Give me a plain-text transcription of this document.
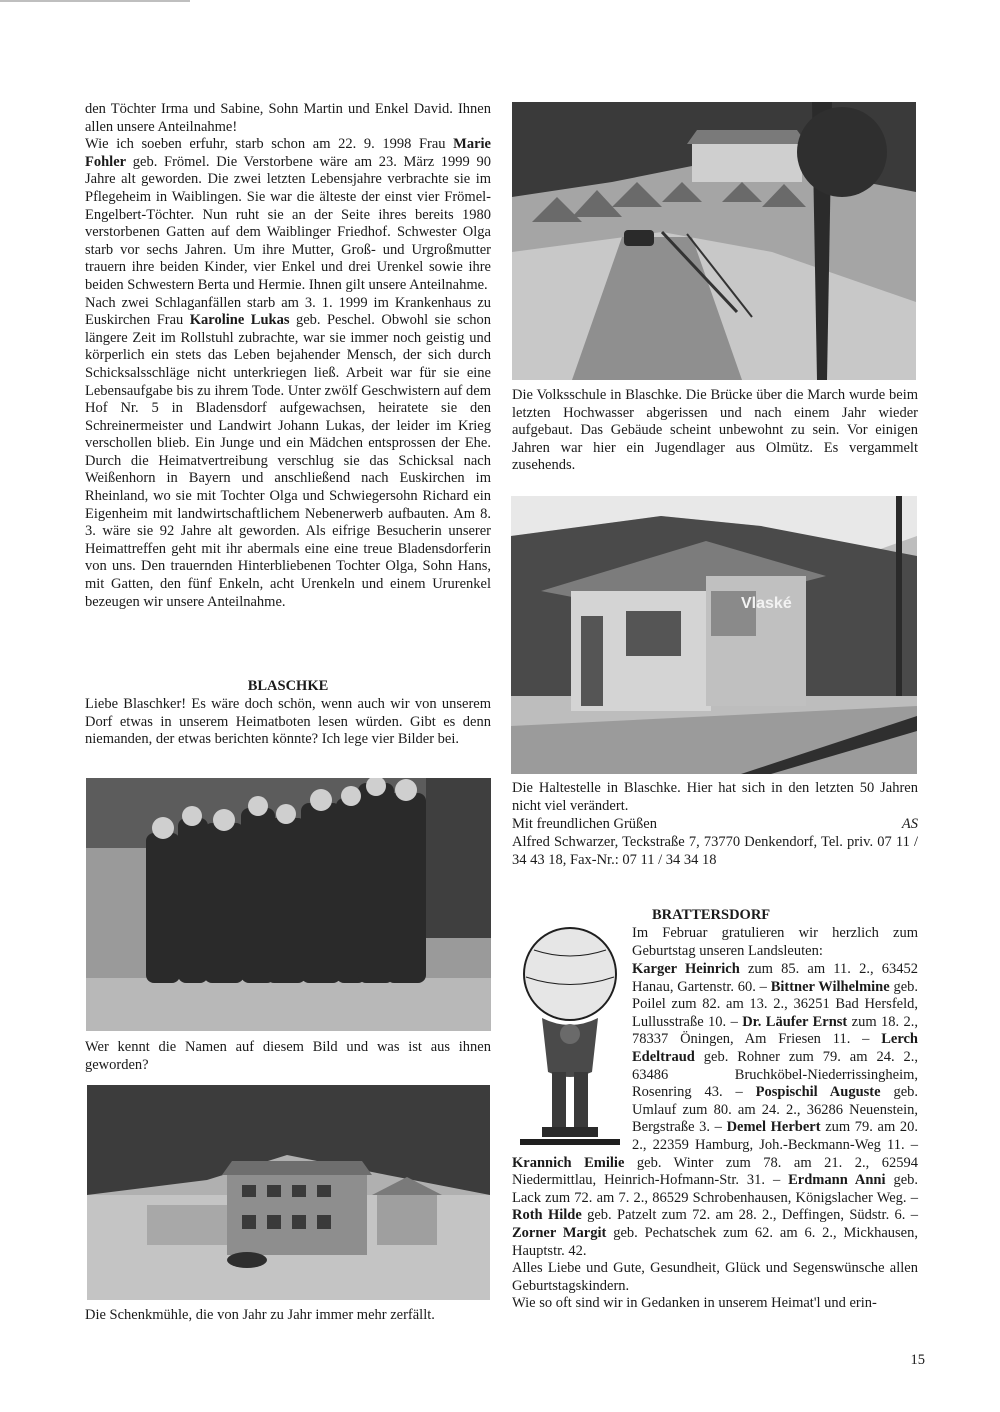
den Töchter Irma und Sabine, Sohn Martin und Enkel David. Ihnen allen unsere Anteilnahme!

Wie ich soeben erfuhr, starb schon am 22. 9. 1998 Frau Marie Fohler geb. Frömel. Die Verstorbene wäre am 23. März 1999 90 Jahre alt geworden. Die zwei letzten Lebensjahre verbrachte sie im Pflegeheim in Waiblingen. Sie war die älteste der einst vier Frömel-Engelbert-Töchter. Nun ruht sie an der Seite ihres bereits 1980 verstorbenen Gatten auf dem Waiblinger Friedhof. Schwester Olga starb vor sechs Jahren. Um ihre Mutter, Groß- und Urgroßmutter trauern ihre beiden Kinder, vier Enkel und drei Urenkel sowie ihre beiden Schwestern Berta und Hermie. Ihnen gilt unsere Anteilnahme.

Nach zwei Schlaganfällen starb am 3. 1. 1999 im Krankenhaus zu Euskirchen Frau Karoline Lukas geb. Peschel. Obwohl sie schon längere Zeit im Rollstuhl zubrachte, war sie immer noch geistig und körperlich ein stets das Leben bejahender Mensch, der sich durch Schicksalsschläge nicht unterkriegen ließ. Arbeit war für sie eine Lebensaufgabe bis zu ihrem Tode. Unter zwölf Geschwistern auf dem Hof Nr. 5 in Bladensdorf aufgewachsen, heiratete sie den Schreinermeister und Landwirt Johann Lukas, der leider im Krieg verschollen blieb. Ein Junge und ein Mädchen entsprossen der Ehe. Durch die Heimatvertreibung verschlug sie das Schicksal nach Weißenhorn in Bayern und anschließend nach Euskirchen im Rheinland, wo sie mit Tochter Olga und Schwiegersohn Richard ein Eigenheim mit landwirtschaftlichem Nebenerwerb aufbauten. Am 8. 3. wäre sie 92 Jahre alt geworden. Als eifrige Besucherin unserer Heimattreffen geht mit ihr abermals eine eine treue Bladensdorferin von uns. Den trauernden Hinterbliebenen Tochter Olga, Sohn Hans, mit Gatten, den fünf Enkeln, acht Urenkeln und einem Ururenkel bezeugen wir unsere Anteilnahme.

BLASCHKE

Liebe Blaschker! Es wäre doch schön, wenn auch wir von unserem Dorf etwas in unserem Heimatboten lesen würden. Gibt es denn niemanden, der etwas berichten könnte? Ich lege vier Bilder bei.

Wer kennt die Namen auf diesem Bild und was ist aus ihnen geworden?

Die Schenkmühle, die von Jahr zu Jahr immer mehr zerfällt.

Die Volksschule in Blaschke. Die Brücke über die March wurde beim letzten Hochwasser abgerissen und nach einem Jahr wieder aufgebaut. Das Gebäude scheint unbewohnt zu sein. Vor einigen Jahren war hier ein Jugendlager aus Olmütz. Es vergammelt zusehends.

Vlaské

Die Haltestelle in Blaschke. Hier hat sich in den letzten 50 Jahren nicht viel verändert.

Mit freundlichen Grüßen	AS

Alfred Schwarzer, Teckstraße 7, 73770 Denkendorf, Tel. priv. 07 11 / 34 43 18, Fax-Nr.: 07 11 / 34 34 18

BRATTERSDORF

Im Februar gratulieren wir herzlich zum Geburtstag unseren Landsleuten:

Karger Heinrich zum 85. am 11. 2., 63452 Hanau, Gartenstr. 60. – Bittner Wilhelmine geb. Poilel zum 82. am 13. 2., 36251 Bad Hersfeld, Lullusstraße 10. – Dr. Läufer Ernst zum 18. 2., 78337 Öningen, Am Friesen 11. – Lerch Edeltraud geb. Rohner zum 79. am 24. 2., 63486 Bruchköbel-Niederrissingheim, Rosenring 43. – Pospischil Auguste geb. Umlauf zum 80. am 24. 2., 36286 Neuenstein, Bergstraße 3. – Demel Herbert zum 79. am 20. 2., 22359 Hamburg, Joh.-Beckmann-Weg 11. – Krannich Emilie geb. Winter zum 78. am 21. 2., 62594 Niedermittlau, Heinrich-Hofmann-Str. 31. – Erdmann Anni geb. Lack zum 72. am 7. 2., 86529 Schrobenhausen, Königslacher Weg. – Roth Hilde geb. Patzelt zum 72. am 28. 2., Deffingen, Südstr. 6. – Zorner Margit geb. Pechatschek zum 62. am 6. 2., Mickhausen, Hauptstr. 42.

Alles Liebe und Gute, Gesundheit, Glück und Segenswünsche allen Geburtstagskindern.

Wie so oft sind wir in Gedanken in unserem Heimat'l und erin-

15
